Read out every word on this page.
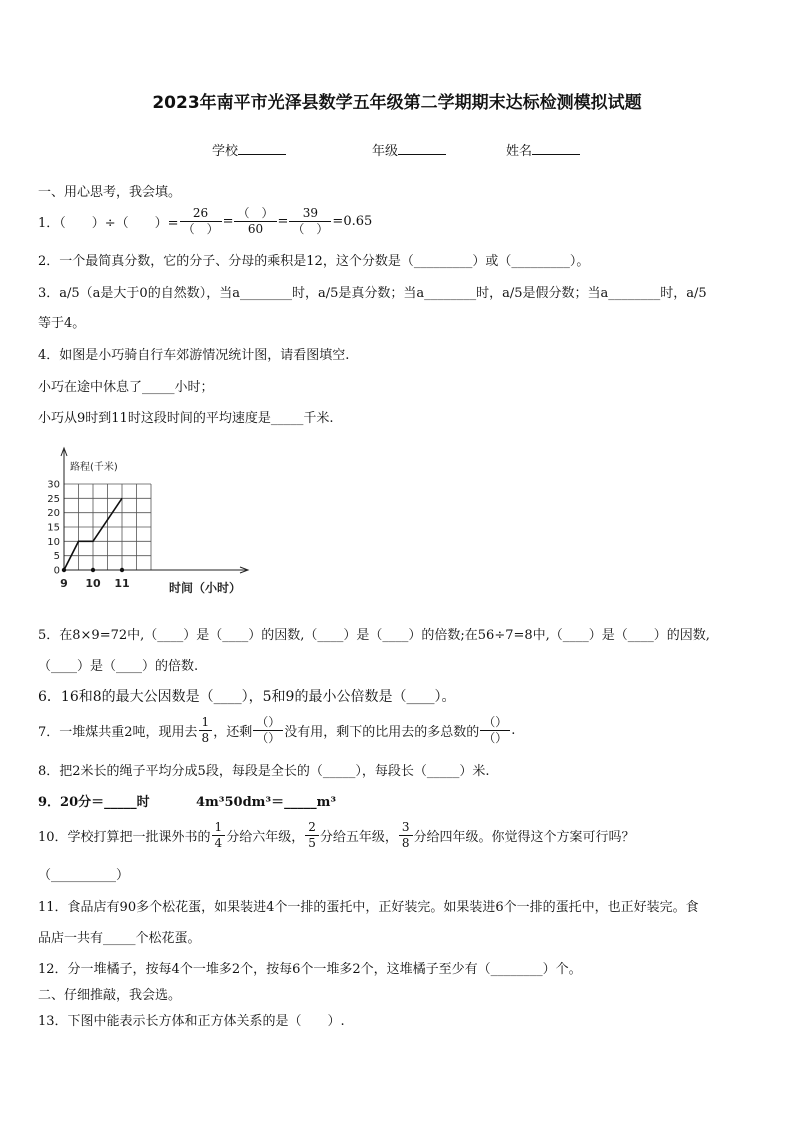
2023年南平市光泽县数学五年级第二学期期末达标检测模拟试题
学校	年级	姓名
一、用心思考，我会填。
1．（　　）÷（　　）= $\frac{26}{( )} = \frac{( )}{60} = \frac{39}{( )} =0.65$
2．一个最简真分数，它的分子、分母的乘积是12，这个分数是（_________）或（_________）。
3．a/5（a是大于0的自然数），当a________时，a/5是真分数；当a________时，a/5是假分数；当a________时，a/5
等于4。
4．如图是小巧骑自行车郊游情况统计图，请看图填空.
小巧在途中休息了_____小时；
小巧从9时到11时这段时间的平均速度是_____千米.
0
5
10
15
20
25
30
9 10 11
路程(千米)
时间（小时）
5．在8×9=72中,（____）是（____）的因数,（____）是（____）的倍数;在56÷7=8中,（____）是（____）的因数,
（____）是（____）的倍数.
6．16和8的最大公因数是（____），5和9的最小公倍数是（____）。
7．一堆煤共重2吨，现用去 $\frac{1}{8}$ ，还剩 $\frac{()}{()}$ 没有用，剩下的比用去的多总数的 $\frac{()}{()}$ .
8．把2米长的绳子平均分成5段，每段是全长的（_____），每段长（_____）米.
9．20分＝_____时	4m³50dm³＝_____m³
10．学校打算把一批课外书的 $\frac{1}{4}$ 分给六年级， $\frac{2}{5}$ 分给五年级， $\frac{3}{8}$ 分给四年级。你觉得这个方案可行吗？
（__________）
11．食品店有90多个松花蛋，如果装进4个一排的蛋托中，正好装完。如果装进6个一排的蛋托中，也正好装完。食
品店一共有_____个松花蛋。
12．分一堆橘子，按每4个一堆多2个，按每6个一堆多2个，这堆橘子至少有（________）个。
二、仔细推敲，我会选。
13．下图中能表示长方体和正方体关系的是（　　）.
